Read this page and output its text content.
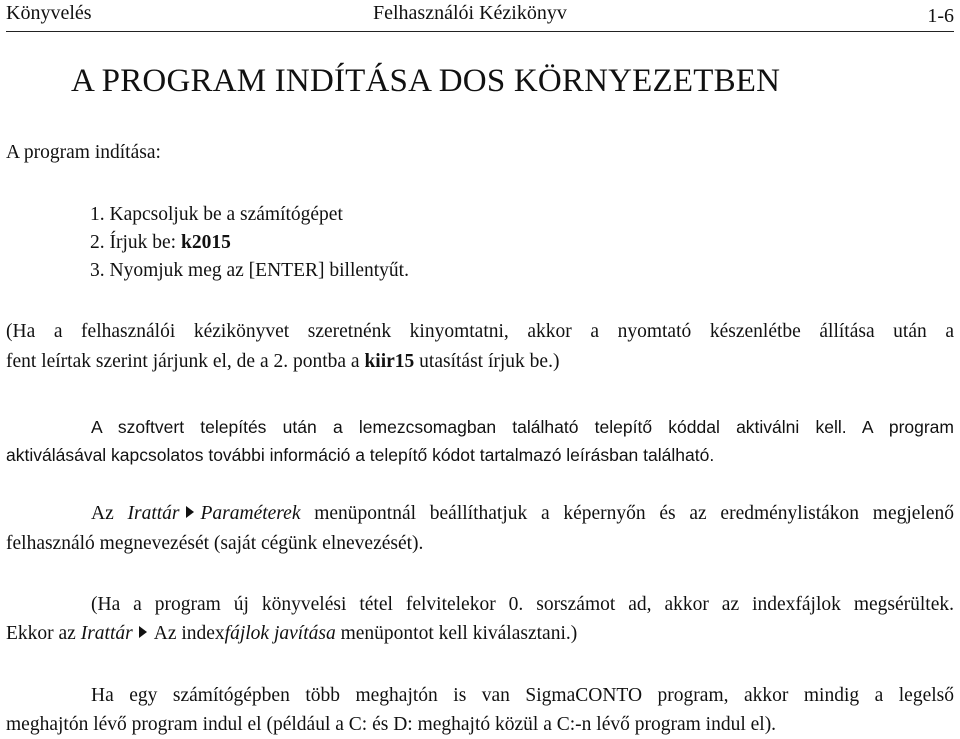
Könyvelés	Felhasználói Kézikönyv	1-6
A PROGRAM INDÍTÁSA DOS KÖRNYEZETBEN
A program indítása:
1. Kapcsoljuk be a számítógépet
2. Írjuk be: k2015
3. Nyomjuk meg az [ENTER] billentyűt.
(Ha a felhasználói kézikönyvet szeretnénk kinyomtatni, akkor a nyomtató készenlétbe állítása után a
fent leírtak szerint járjunk el, de a 2. pontba a kiir15 utasítást írjuk be.)
A szoftvert telepítés után a lemezcsomagban található telepítő kóddal aktiválni kell. A program
aktiválásával kapcsolatos további információ a telepítő kódot tartalmazó leírásban található.
Az Irattár Paraméterek menüpontnál beállíthatjuk a képernyőn és az eredménylistákon megjelenő
felhasználó megnevezését (saját cégünk elnevezését).
(Ha a program új könyvelési tétel felvitelekor 0. sorszámot ad, akkor az indexfájlok megsérültek.
Ekkor az Irattár Az indexfájlok javítása menüpontot kell kiválasztani.)
Ha egy számítógépben több meghajtón is van SigmaCONTO program, akkor mindig a legelső
meghajtón lévő program indul el (például a C: és D: meghajtó közül a C:-n lévő program indul el).
